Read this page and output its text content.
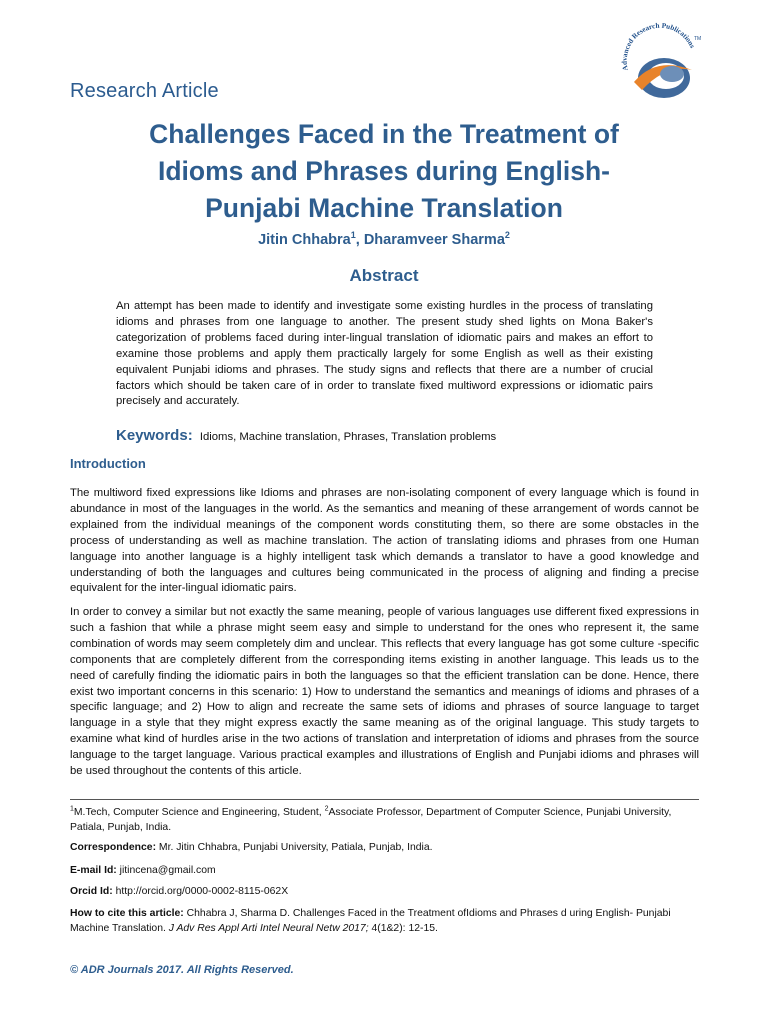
Advanced Research Publications
TM
Research Article
Challenges Faced in the Treatment of
Idioms and Phrases during English-
Punjabi Machine Translation
Jitin Chhabra$^1$, Dharamveer Sharma$^2$
Abstract
An attempt has been made to identify and investigate some existing hurdles in the process of translating idioms and phrases from one language to another. The present study shed lights on Mona Baker's categorization of problems faced during inter-lingual translation of idiomatic pairs and makes an effort to examine those problems and apply them practically largely for some English as well as their existing equivalent Punjabi idioms and phrases. The study signs and reflects that there are a number of crucial factors which should be taken care of in order to translate fixed multiword expressions or idiomatic pairs precisely and accurately.
Keywords: Idioms, Machine translation, Phrases, Translation problems
Introduction
The multiword fixed expressions like Idioms and phrases are non-isolating component of every language which is found in abundance in most of the languages in the world. As the semantics and meaning of these arrangement of words cannot be explained from the individual meanings of the component words constituting them, so there are some obstacles in the process of understanding as well as machine translation. The action of translating idioms and phrases from one Human language into another language is a highly intelligent task which demands a translator to have a good knowledge and understanding of both the languages and cultures being communicated in the process of aligning and finding a precise equivalent for the inter-lingual idiomatic pairs.
In order to convey a similar but not exactly the same meaning, people of various languages use different fixed expressions in such a fashion that while a phrase might seem easy and simple to understand for the ones who represent it, the same combination of words may seem completely dim and unclear. This reflects that every language has got some culture -specific components that are completely different from the corresponding items existing in another language. This leads us to the need of carefully finding the idiomatic pairs in both the languages so that the efficient translation can be done. Hence, there exist two important concerns in this scenario: 1) How to understand the semantics and meanings of idioms and phrases of a specific language; and 2) How to align and recreate the same sets of idioms and phrases of source language to target language in a style that they might express exactly the same meaning as of the original language. This study targets to examine what kind of hurdles arise in the two actions of translation and interpretation of idioms and phrases from the source language to the target language. Various practical examples and illustrations of English and Punjabi idioms and phrases will be used throughout the contents of this article.
$^1$M.Tech, Computer Science and Engineering, Student, $^2$Associate Professor, Department of Computer Science, Punjabi University, Patiala, Punjab, India.
Correspondence: Mr. Jitin Chhabra, Punjabi University, Patiala, Punjab, India.
E-mail Id: jitincena@gmail.com
Orcid Id: http://orcid.org/0000-0002-8115-062X
How to cite this article: Chhabra J, Sharma D. Challenges Faced in the Treatment ofIdioms and Phrases d uring English- Punjabi Machine Translation. J Adv Res Appl Arti Intel Neural Netw 2017; 4(1&2): 12-15.
© ADR Journals 2017. All Rights Reserved.
